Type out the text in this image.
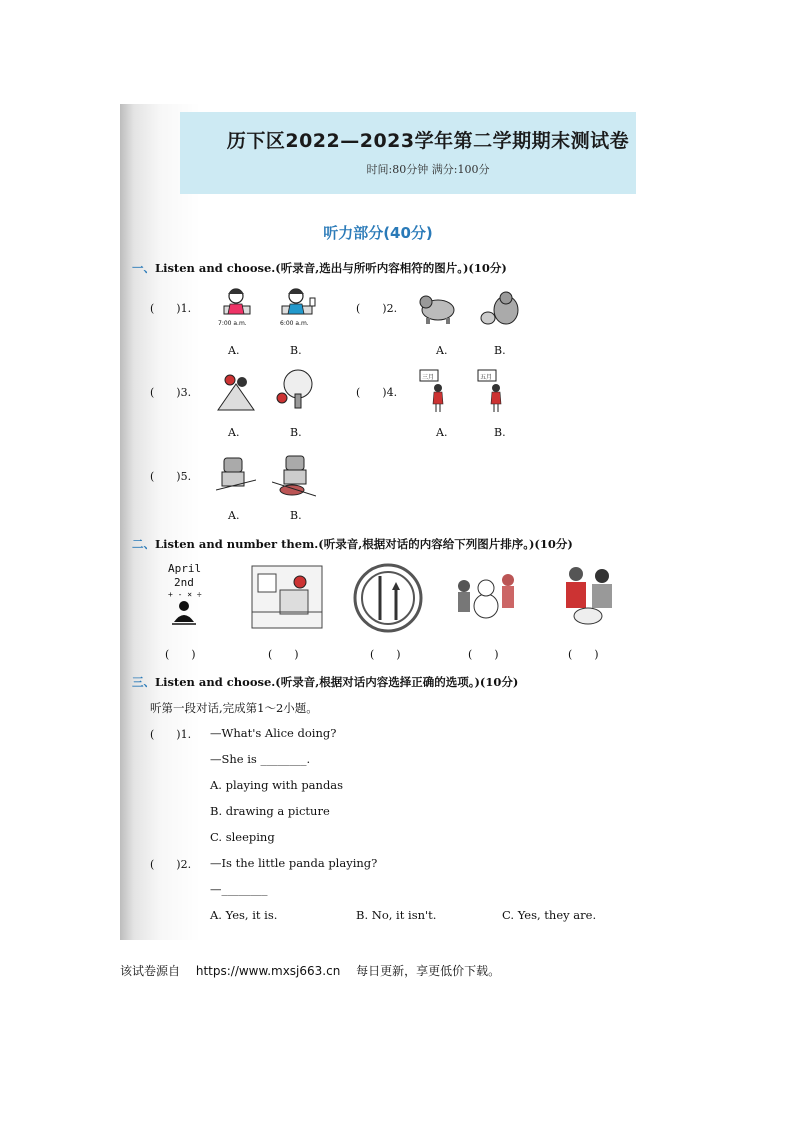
历下区2022—2023学年第二学期期末测试卷
时间:80分钟 满分:100分
听力部分(40分)
一、Listen and choose.(听录音,选出与所听内容相符的图片。)(10分)
(　　)1.
7:00 a.m.	6:00 a.m.
A.	B.
(　　)2.
A.	B.
(　　)3.
A.	B.
(　　)4.
三月	五月
A.	B.
(　　)5.
A.	B.
二、Listen and number them.(听录音,根据对话的内容给下列图片排序。)(10分)
April
2nd
+ - × ÷
(　　)	(　　)	(　　)	(　　)	(　　)
三、Listen and choose.(听录音,根据对话内容选择正确的选项。)(10分)
听第一段对话,完成第1～2小题。
(　　)1. —What's Alice doing?
—She is ________.
A. playing with pandas
B. drawing a picture
C. sleeping
(　　)2. —Is the little panda playing?
—________
A. Yes, it is.	B. No, it isn't.	C. Yes, they are.
该试卷源自 https://www.mxsj663.cn 每日更新，享更低价下载。
